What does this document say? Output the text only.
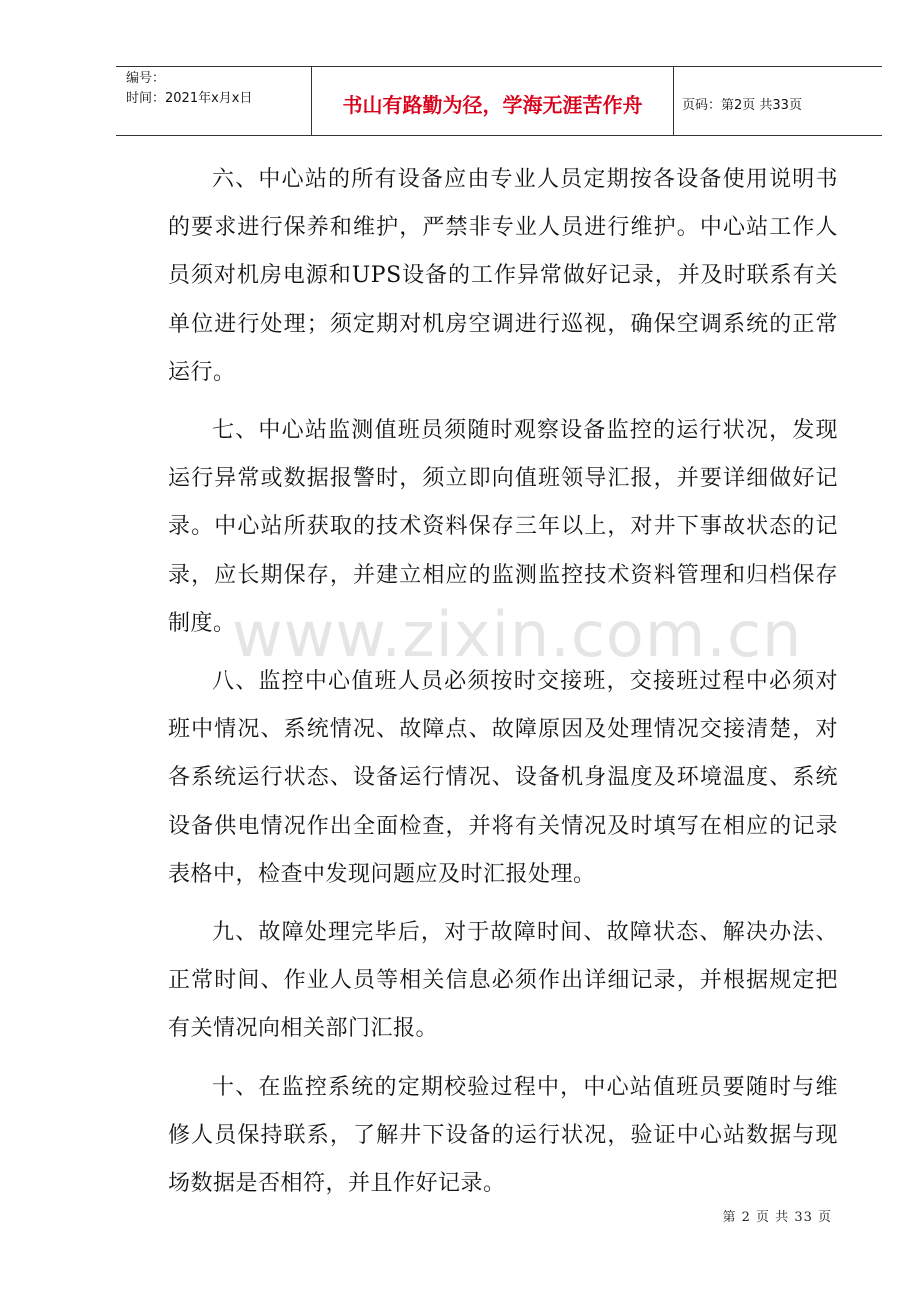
编号：
时间：2021年x月x日	书山有路勤为径，学海无涯苦作舟	页码：第2页 共33页

六、中心站的所有设备应由专业人员定期按各设备使用说明书的要求进行保养和维护，严禁非专业人员进行维护。中心站工作人员须对机房电源和UPS设备的工作异常做好记录，并及时联系有关单位进行处理；须定期对机房空调进行巡视，确保空调系统的正常运行。

七、中心站监测值班员须随时观察设备监控的运行状况，发现运行异常或数据报警时，须立即向值班领导汇报，并要详细做好记录。中心站所获取的技术资料保存三年以上，对井下事故状态的记录，应长期保存，并建立相应的监测监控技术资料管理和归档保存制度。

八、监控中心值班人员必须按时交接班，交接班过程中必须对班中情况、系统情况、故障点、故障原因及处理情况交接清楚，对各系统运行状态、设备运行情况、设备机身温度及环境温度、系统设备供电情况作出全面检查，并将有关情况及时填写在相应的记录表格中，检查中发现问题应及时汇报处理。

九、故障处理完毕后，对于故障时间、故障状态、解决办法、正常时间、作业人员等相关信息必须作出详细记录，并根据规定把有关情况向相关部门汇报。

十、在监控系统的定期校验过程中，中心站值班员要随时与维修人员保持联系，了解井下设备的运行状况，验证中心站数据与现场数据是否相符，并且作好记录。

www.zixin.com.cn
第 2 页 共 33 页
